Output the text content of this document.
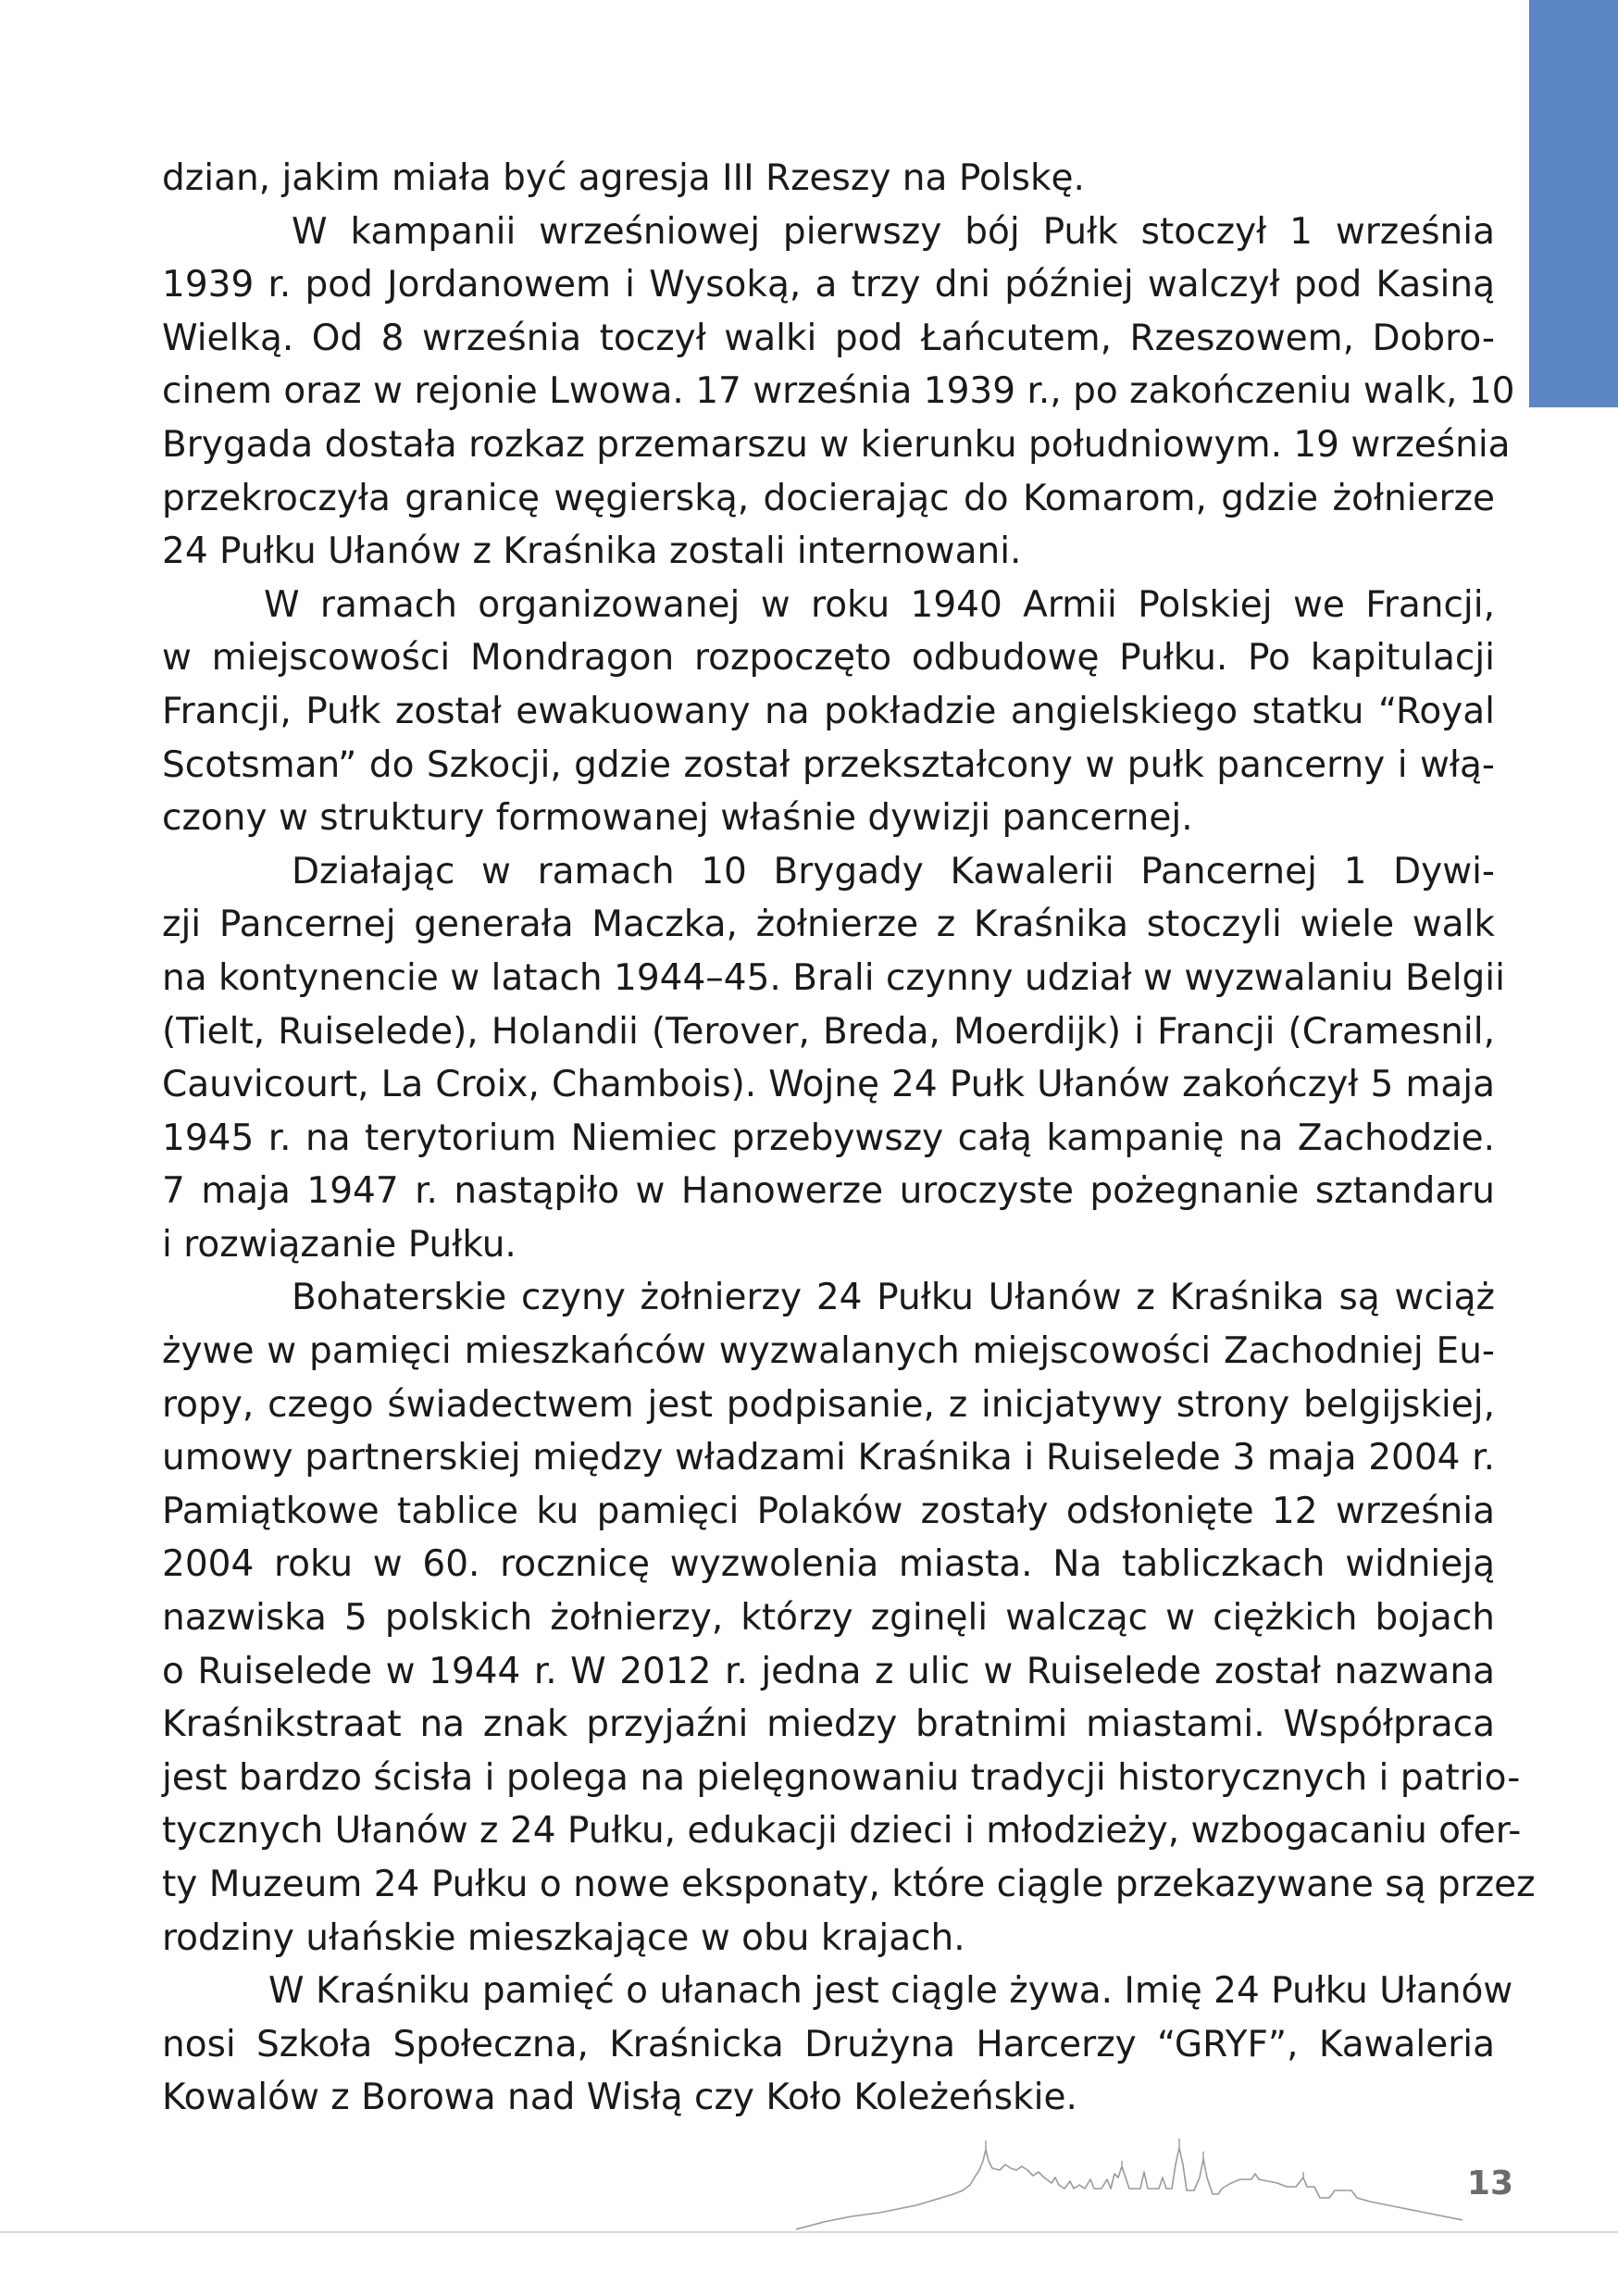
dzian, jakim miała być agresja III Rzeszy na Polskę.
W kampanii wrześniowej pierwszy bój Pułk stoczył 1 września
1939 r. pod Jordanowem i Wysoką, a trzy dni później walczył pod Kasiną
Wielką. Od 8 września toczył walki pod Łańcutem, Rzeszowem, Dobro-
cinem oraz w rejonie Lwowa. 17 września 1939 r., po zakończeniu walk, 10
Brygada dostała rozkaz przemarszu w kierunku południowym. 19 września
przekroczyła granicę węgierską, docierając do Komarom, gdzie żołnierze
24 Pułku Ułanów z Kraśnika zostali internowani.
W ramach organizowanej w roku 1940 Armii Polskiej we Francji,
w miejscowości Mondragon rozpoczęto odbudowę Pułku. Po kapitulacji
Francji, Pułk został ewakuowany na pokładzie angielskiego statku “Royal
Scotsman” do Szkocji, gdzie został przekształcony w pułk pancerny i włą-
czony w struktury formowanej właśnie dywizji pancernej.
Działając w ramach 10 Brygady Kawalerii Pancernej 1 Dywi-
zji Pancernej generała Maczka, żołnierze z Kraśnika stoczyli wiele walk
na kontynencie w latach 1944–45. Brali czynny udział w wyzwalaniu Belgii
(Tielt, Ruiselede), Holandii (Terover, Breda, Moerdijk) i Francji (Cramesnil,
Cauvicourt, La Croix, Chambois). Wojnę 24 Pułk Ułanów zakończył 5 maja
1945 r. na terytorium Niemiec przebywszy całą kampanię na Zachodzie.
7 maja 1947 r. nastąpiło w Hanowerze uroczyste pożegnanie sztandaru
i rozwiązanie Pułku.
Bohaterskie czyny żołnierzy 24 Pułku Ułanów z Kraśnika są wciąż
żywe w pamięci mieszkańców wyzwalanych miejscowości Zachodniej Eu-
ropy, czego świadectwem jest podpisanie, z inicjatywy strony belgijskiej,
umowy partnerskiej między władzami Kraśnika i Ruiselede 3 maja 2004 r.
Pamiątkowe tablice ku pamięci Polaków zostały odsłonięte 12 września
2004 roku w 60. rocznicę wyzwolenia miasta. Na tabliczkach widnieją
nazwiska 5 polskich żołnierzy, którzy zginęli walcząc w ciężkich bojach
o Ruiselede w 1944 r. W 2012 r. jedna z ulic w Ruiselede został nazwana
Kraśnikstraat na znak przyjaźni miedzy bratnimi miastami. Współpraca
jest bardzo ścisła i polega na pielęgnowaniu tradycji historycznych i patrio-
tycznych Ułanów z 24 Pułku, edukacji dzieci i młodzieży, wzbogacaniu ofer-
ty Muzeum 24 Pułku o nowe eksponaty, które ciągle przekazywane są przez
rodziny ułańskie mieszkające w obu krajach.
W Kraśniku pamięć o ułanach jest ciągle żywa. Imię 24 Pułku Ułanów
nosi Szkoła Społeczna, Kraśnicka Drużyna Harcerzy “GRYF”, Kawaleria
Kowalów z Borowa nad Wisłą czy Koło Koleżeńskie.
13
